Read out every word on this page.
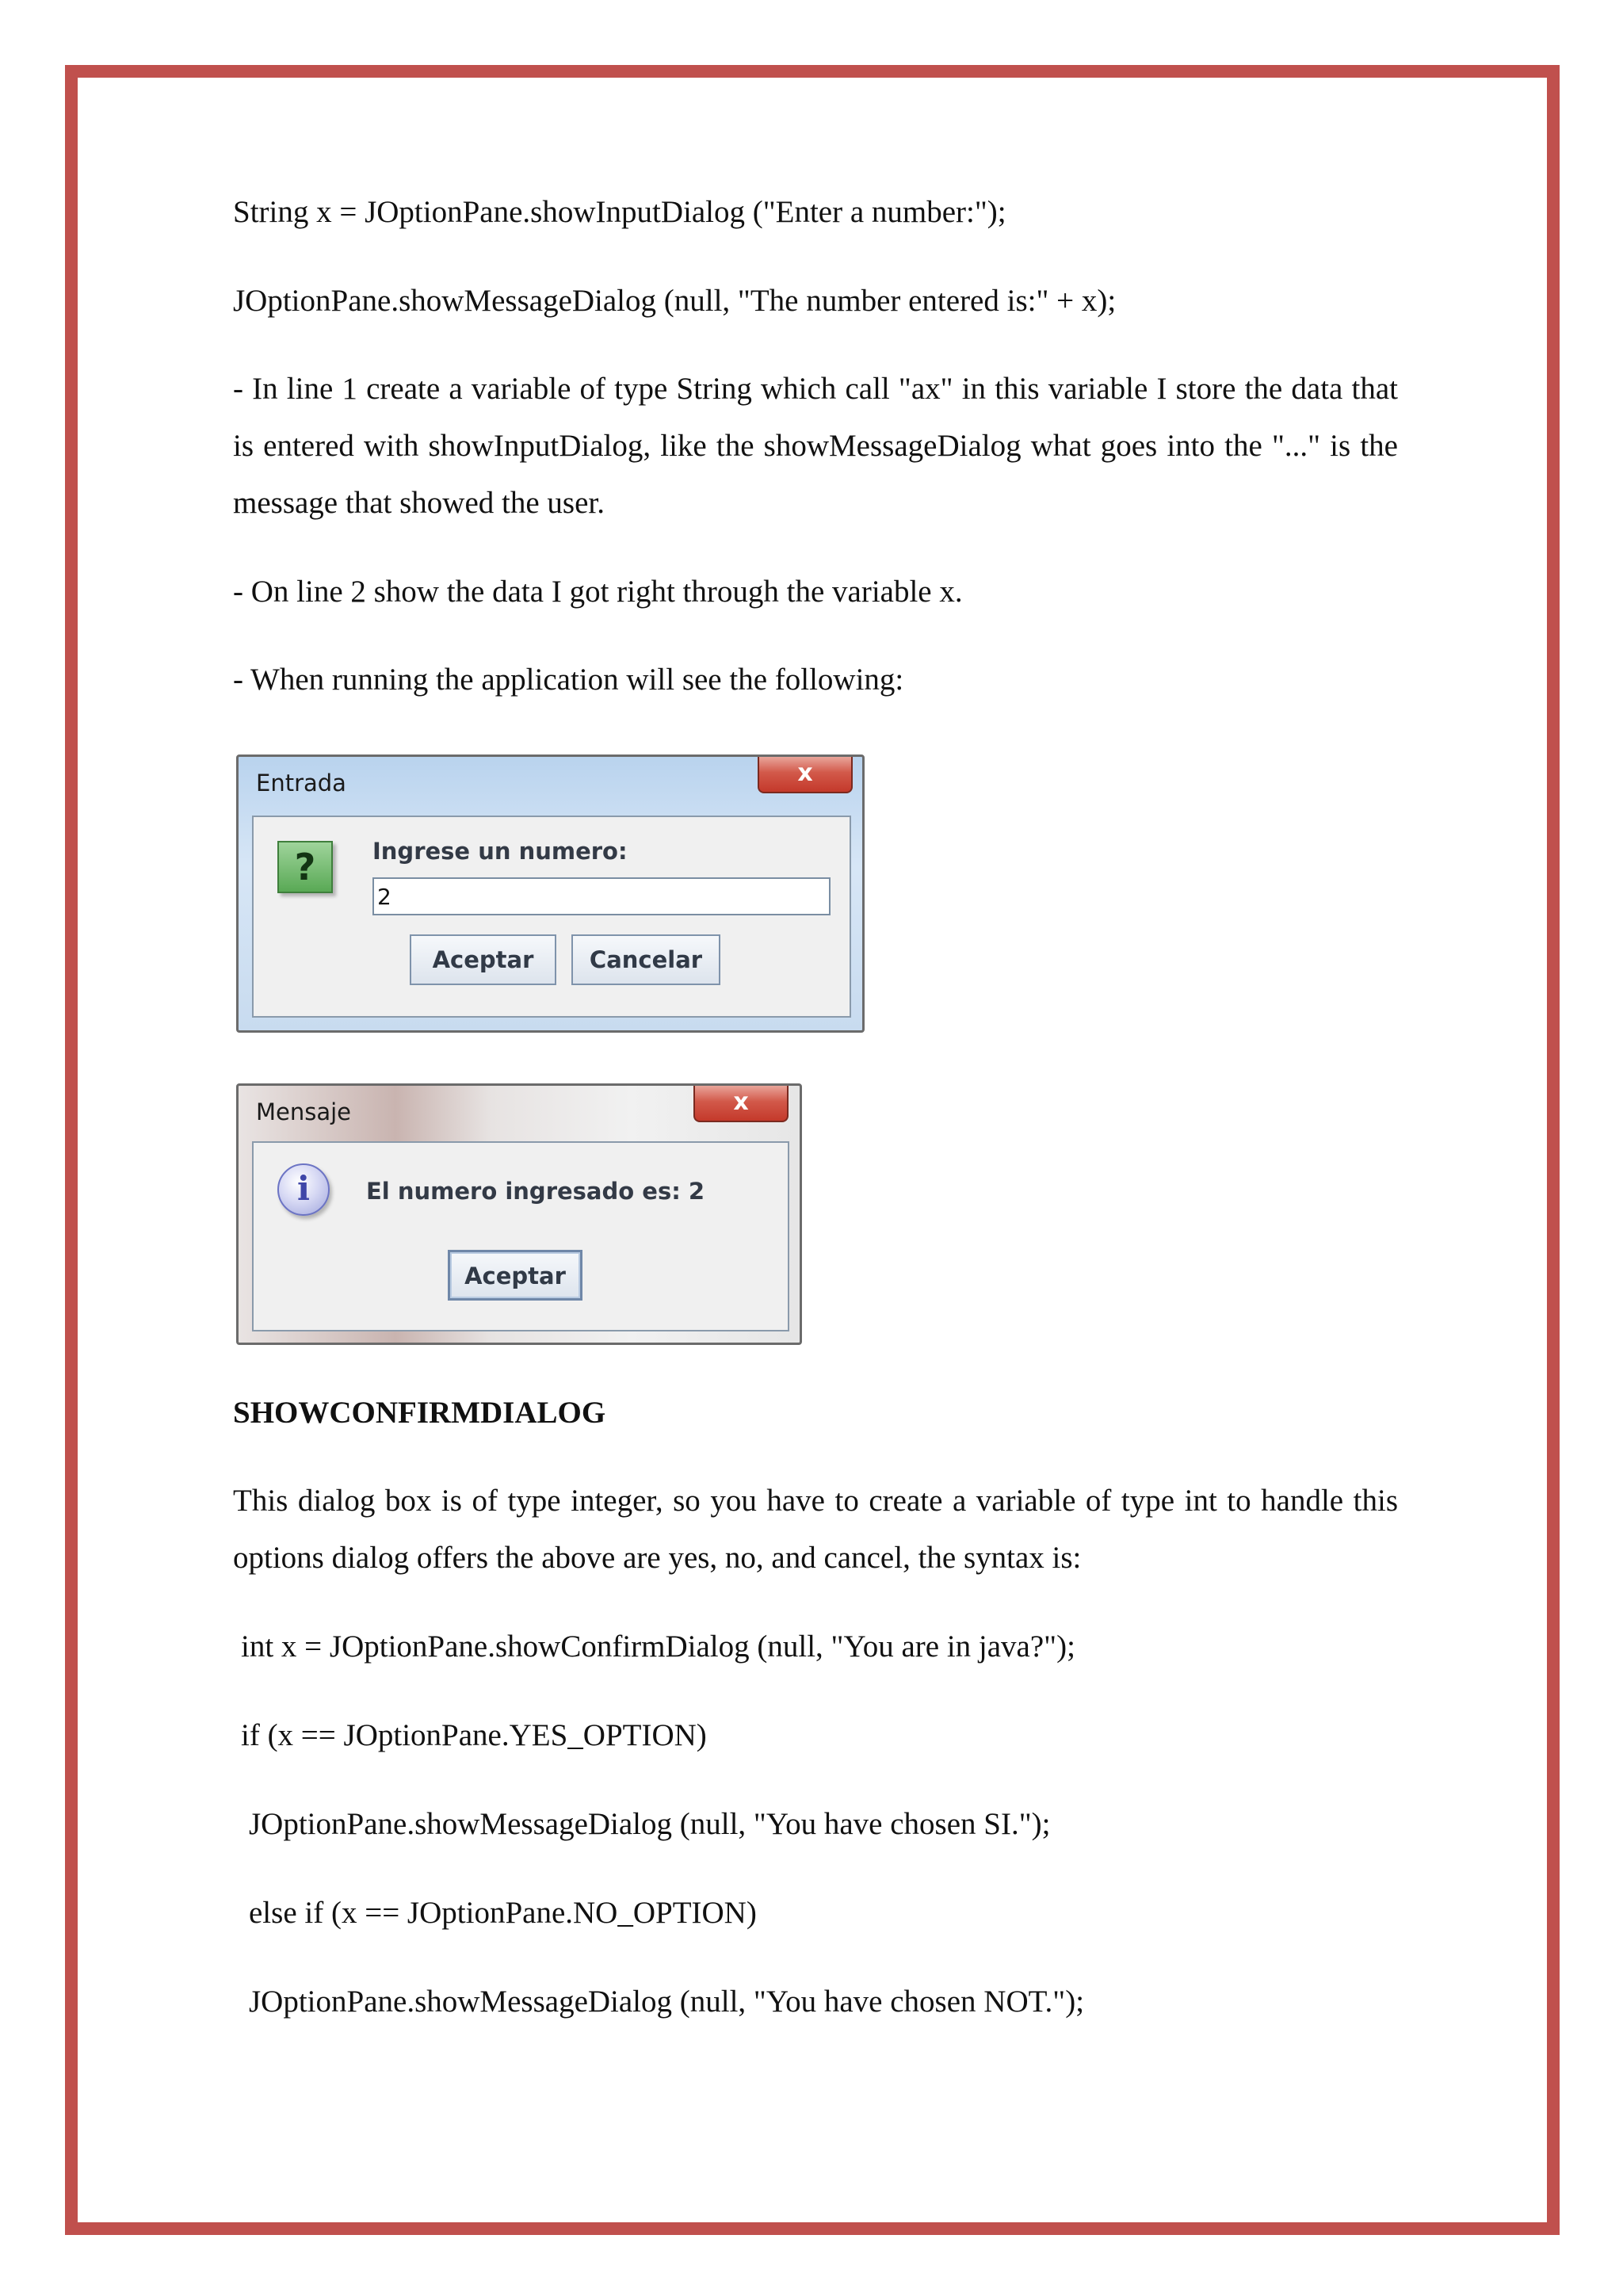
String x = JOptionPane.showInputDialog ("Enter a number:");

JOptionPane.showMessageDialog (null, "The number entered is:" + x);

- In line 1 create a variable of type String which call "ax" in this variable I store the data that is entered with showInputDialog, like the showMessageDialog what goes into the "..." is the message that showed the user.

- On line 2 show the data I got right through the variable x.

- When running the application will see the following:

SHOWCONFIRMDIALOG

This dialog box is of type integer, so you have to create a variable of type int to handle this options dialog offers the above are yes, no, and cancel, the syntax is:

int x = JOptionPane.showConfirmDialog (null, "You are in java?");

if (x == JOptionPane.YES_OPTION)

JOptionPane.showMessageDialog (null, "You have chosen SI.");

else if (x == JOptionPane.NO_OPTION)

JOptionPane.showMessageDialog (null, "You have chosen NOT.");

Entrada	x
?	Ingrese un numero:
2
Aceptar	Cancelar
Mensaje	x
i	El numero ingresado es: 2
Aceptar
